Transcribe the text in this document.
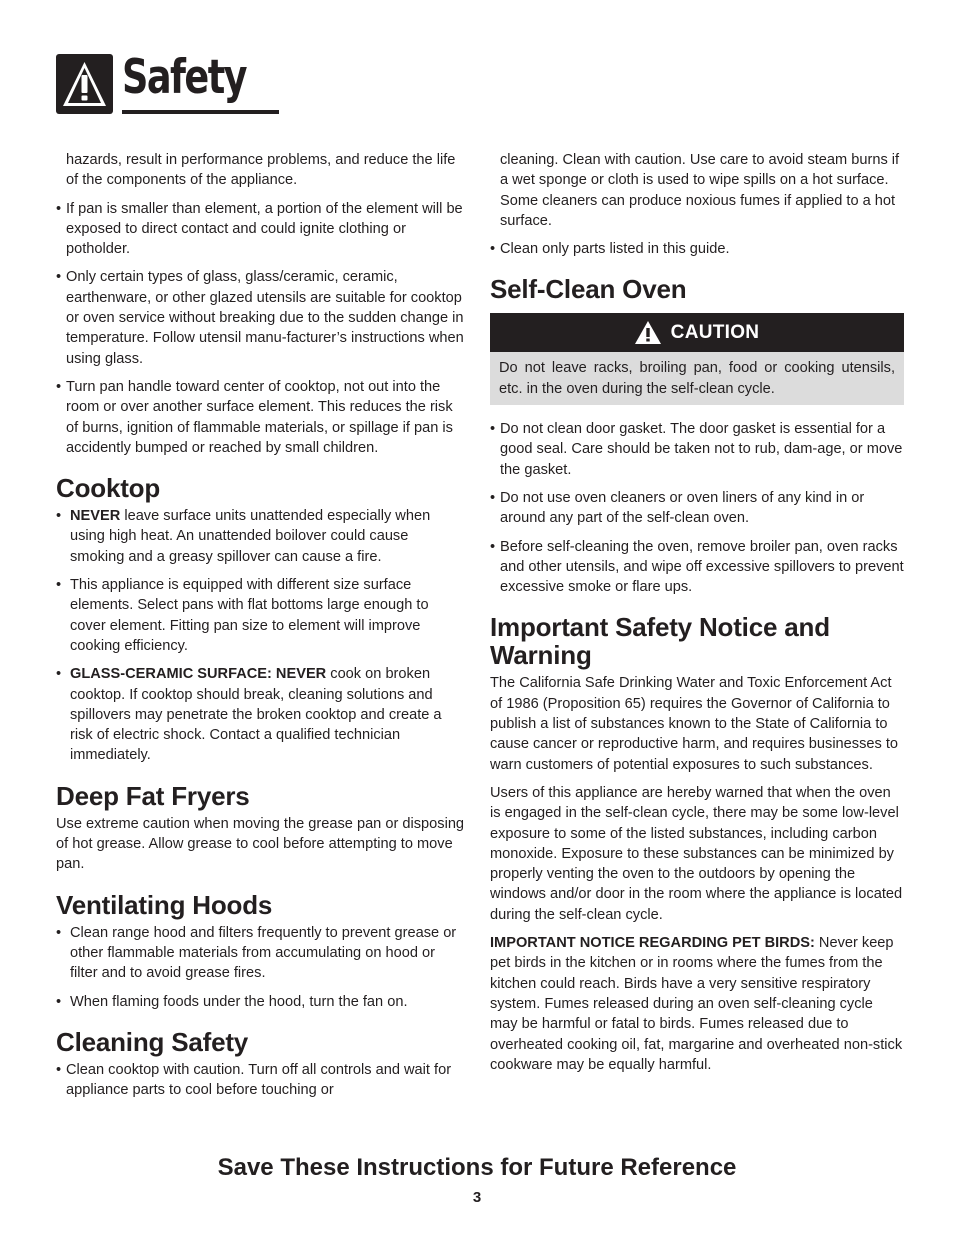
Safety

hazards, result in performance problems, and reduce the life of the components of the appliance.

• If pan is smaller than element, a portion of the element will be exposed to direct contact and could ignite clothing or potholder.
• Only certain types of glass, glass/ceramic, ceramic, earthenware, or other glazed utensils are suitable for cooktop or oven service without breaking due to the sudden change in temperature. Follow utensil manu-facturer’s instructions when using glass.
• Turn pan handle toward center of cooktop, not out into the room or over another surface element. This reduces the risk of burns, ignition of flammable materials, or spillage if pan is accidently bumped or reached by small children.
Cooktop
• NEVER leave surface units unattended especially when using high heat. An unattended boilover could cause smoking and a greasy spillover can cause a fire.
• This appliance is equipped with different size surface elements. Select pans with flat bottoms large enough to cover element. Fitting pan size to element will improve cooking efficiency.
• GLASS-CERAMIC SURFACE: NEVER cook on broken cooktop. If cooktop should break, cleaning solutions and spillovers may penetrate the broken cooktop and create a risk of electric shock. Contact a qualified technician immediately.
Deep Fat Fryers

Use extreme caution when moving the grease pan or disposing of hot grease. Allow grease to cool before attempting to move pan.

Ventilating Hoods
• Clean range hood and filters frequently to prevent grease or other flammable materials from accumulating on hood or filter and to avoid grease fires.
• When flaming foods under the hood, turn the fan on.
Cleaning Safety
• Clean cooktop with caution. Turn off all controls and wait for appliance parts to cool before touching or

cleaning. Clean with caution. Use care to avoid steam burns if a wet sponge or cloth is used to wipe spills on a hot surface. Some cleaners can produce noxious fumes if applied to a hot surface.

• Clean only parts listed in this guide.
Self-Clean Oven
CAUTION
Do not leave racks, broiling pan, food or cooking utensils, etc. in the oven during the self-clean cycle.
• Do not clean door gasket. The door gasket is essential for a good seal. Care should be taken not to rub, dam-age, or move the gasket.
• Do not use oven cleaners or oven liners of any kind in or around any part of the self-clean oven.
• Before self-cleaning the oven, remove broiler pan, oven racks and other utensils, and wipe off excessive spillovers to prevent excessive smoke or flare ups.
Important Safety Notice and Warning

The California Safe Drinking Water and Toxic Enforcement Act of 1986 (Proposition 65) requires the Governor of California to publish a list of substances known to the State of California to cause cancer or reproductive harm, and requires businesses to warn customers of potential exposures to such substances.

Users of this appliance are hereby warned that when the oven is engaged in the self-clean cycle, there may be some low-level exposure to some of the listed substances, including carbon monoxide. Exposure to these substances can be minimized by properly venting the oven to the outdoors by opening the windows and/or door in the room where the appliance is located during the self-clean cycle.

IMPORTANT NOTICE REGARDING PET BIRDS: Never keep pet birds in the kitchen or in rooms where the fumes from the kitchen could reach. Birds have a very sensitive respiratory system. Fumes released during an oven self-cleaning cycle may be harmful or fatal to birds. Fumes released due to overheated cooking oil, fat, margarine and overheated non-stick cookware may be equally harmful.

Save These Instructions for Future Reference
3
